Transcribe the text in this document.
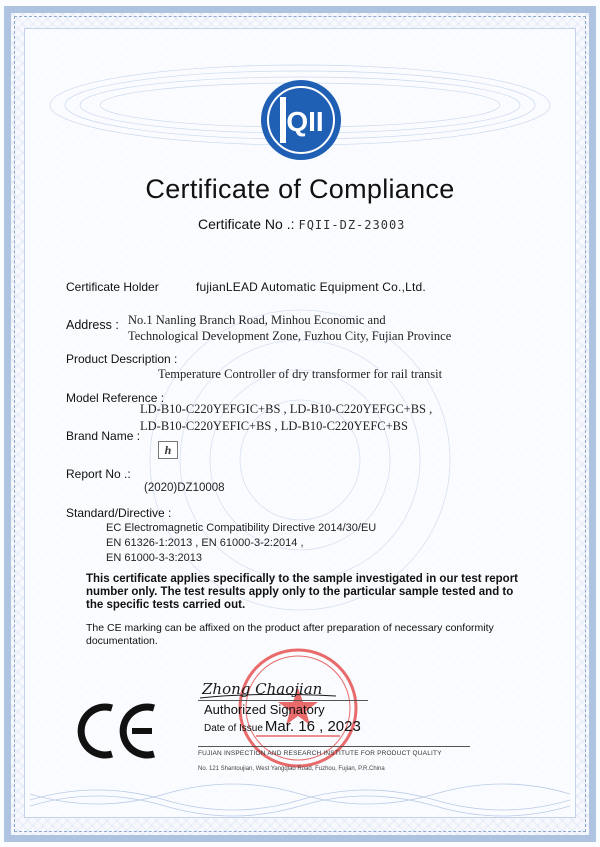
QII
Certificate of Compliance
Certificate No .: FQII-DZ-23003
Certificate Holder	fujianLEAD Automatic Equipment Co.,Ltd.
Address : No.1 Nanling Branch Road, Minhou Economic and
Technological Development Zone, Fuzhou City, Fujian Province
Product Description :
Temperature Controller of dry transformer for rail transit
Model Reference :
LD-B10-C220YEFGIC+BS , LD-B10-C220YEFGC+BS ,
LD-B10-C220YEFIC+BS , LD-B10-C220YEFC+BS
Brand Name :
h
Report No .:
(2020)DZ10008
Standard/Directive :
EC Electromagnetic Compatibility Directive 2014/30/EU
EN 61326-1:2013 , EN 61000-3-2:2014 ,
EN 61000-3-3:2013
This certificate applies specifically to the sample investigated in our test report number only. The test results apply only to the particular sample tested and to the specific tests carried out.
The CE marking can be affixed on the product after preparation of necessary conformity documentation.
Zhong Chaojian
Authorized Signatory
Date of Issue Mar. 16 , 2023
FUJIAN INSPECTION AND RESEARCH INSTITUTE FOR PRODUCT QUALITY
No. 121 Shantoujian, West Yangqiao Road, Fuzhou, Fujian, P.R.China
